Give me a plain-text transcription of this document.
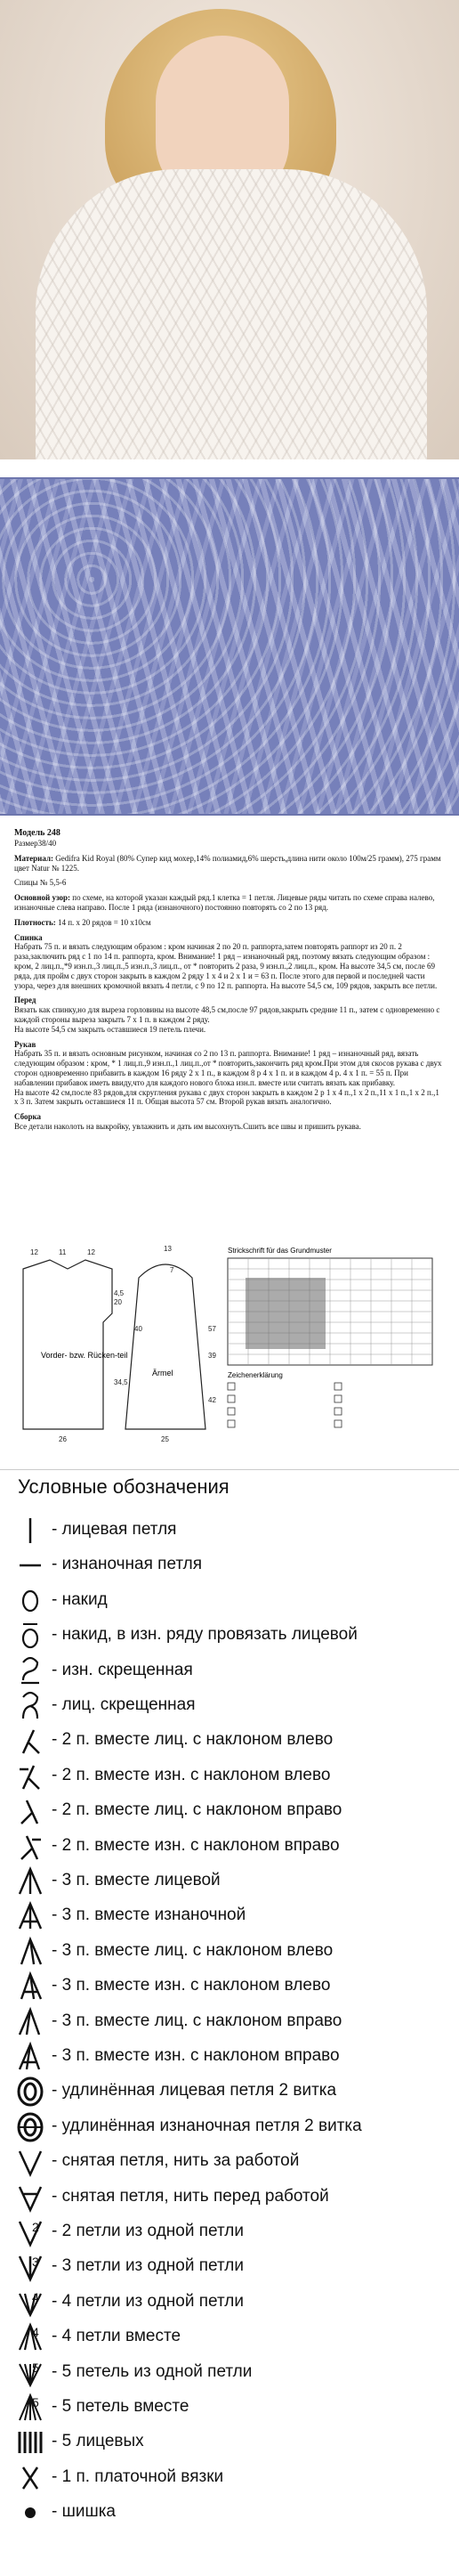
Модель 248

Размер38/40

Материал: Gedifra Kid Royal (80% Супер кид мохер,14% полиамид,6% шерсть,длина нити около 100м/25 грамм), 275 грамм цвет Natur № 1225.

Спицы № 5,5-6

Основной узор: по схеме, на которой указан каждый ряд.1 клетка = 1 петля. Лицевые ряды читать по схеме справа налево, изнаночные слева направо. После 1 ряда (изнаночного) постоянно повторять со 2 по 13 ряд.

Плотность: 14 п. x 20 рядов = 10 x10см

Спинка

Набрать 75 п. и вязать следующим образом : кром начиная 2 по 20 п. раппорта,затем повторять раппорт из 20 п. 2 раза,заключить ряд с 1 по 14 п. раппорта, кром. Внимание! 1 ряд – изнаночный ряд, поэтому вязать следующим образом : кром, 2 лиц.п.,*9 изн.п.,3 лиц.п.,5 изн.п.,3 лиц.п., от * повторить 2 раза, 9 изн.п.,2 лиц.п., кром. На высоте 34,5 см, после 69 ряда, для пройм с двух сторон закрыть в каждом 2 ряду 1 x 4 и 2 x 1 и = 63 п. После этого для первой и последней части узора, через для внешних кромочной вязать 4 петли, с 9 по 12 п. раппорта. На высоте 54,5 см, 109 рядов, закрыть все петли.

Перед

Вязать как спинку,но для выреза горловины на высоте 48,5 см,после 97 рядов,закрыть средние 11 п., затем с одновременно с каждой стороны выреза закрыть 7 x 1 п. в каждом 2 ряду.

На высоте 54,5 см закрыть оставшиеся 19 петель плечи.

Рукав

Набрать 35 п. и вязать основным рисунком, начиная со 2 по 13 п. раппорта. Внимание! 1 ряд – изнаночный ряд, вязать следующим образом : кром, * 1 лиц.п.,9 изн.п.,1 лиц.п.,от * повторить,закончить ряд кром.При этом для скосов рукава с двух сторон одновременно прибавить в каждом 16 ряду 2 x 1 п., в каждом 8 р 4 x 1 п. и в каждом 4 р. 4 x 1 п. = 55 п. При набавлении прибавок иметь ввиду,что для каждого нового блока изн.п. вместе или считать вязать как прибавку.

На высоте 42 см,после 83 рядов,для скругления рукава с двух сторон закрыть в каждом 2 р 1 x 4 п.,1 x 2 п.,11 x 1 п.,1 x 2 п.,1 x 3 п. Затем закрыть оставшиеся 11 п. Общая высота 57 см. Второй рукав вязать аналогично.

Сборка

Все детали наколоть на выкройку, увлажнить и дать им высохнуть.Сшить все швы и пришить рукава.

Vorder- bzw. Rücken-teil
Ärmel
12	11	12
4,5
20
34,5
26
7
40
39
42
57
25
13	Strickschrift für das Grundmuster
Zeichenerklärung
Условные обозначения
- лицевая петля
- изнаночная петля
- накид
- накид, в изн. ряду провязать лицевой
- изн. скрещенная
- лиц. скрещенная
- 2 п. вместе лиц. с наклоном влево
- 2 п. вместе изн. с наклоном влево
- 2 п. вместе лиц. с наклоном вправо
- 2 п. вместе изн. с наклоном вправо
- 3 п. вместе лицевой
- 3 п. вместе изнаночной
- 3 п. вместе лиц. с наклоном влево
- 3 п. вместе изн. с наклоном влево
- 3 п. вместе лиц. с наклоном вправо
- 3 п. вместе изн. с наклоном вправо
- удлинённая лицевая петля 2 витка
- удлинённая изнаночная петля 2 витка
- снятая петля, нить за работой
- снятая петля, нить перед работой
2 - 2 петли из одной петли
3 - 3 петли из одной петли
4 - 4 петли из одной петли
4 - 4 петли вместе
5 - 5 петель из одной петли
5 - 5 петель вместе
- 5 лицевых
- 1 п. платочной вязки
- шишка
